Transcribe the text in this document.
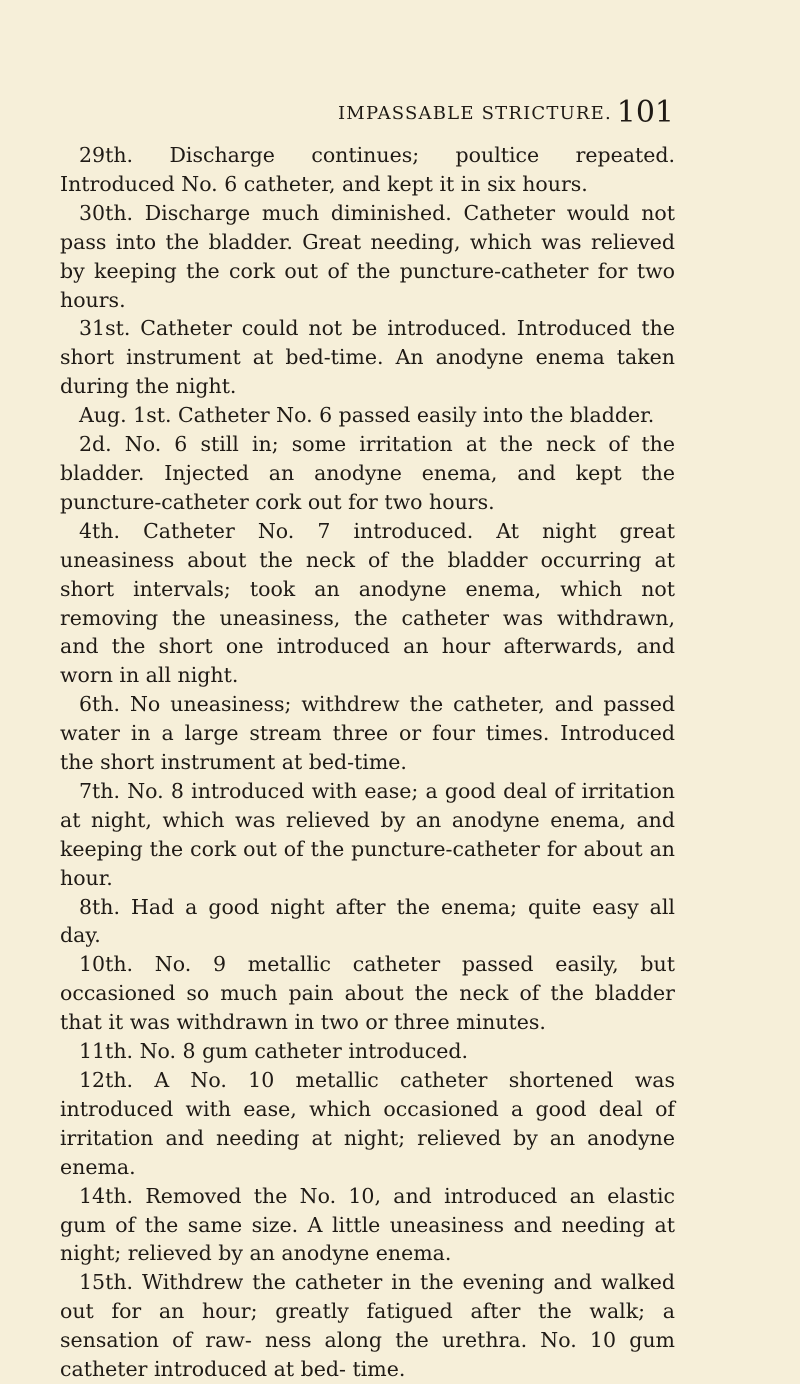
IMPASSABLE STRICTURE. 101

29th. Discharge continues; poultice repeated. Introduced No. 6 catheter, and kept it in six hours.

30th. Discharge much diminished. Catheter would not pass into the bladder. Great needing, which was relieved by keeping the cork out of the puncture-catheter for two hours.

31st. Catheter could not be introduced. Introduced the short instrument at bed-time. An anodyne enema taken during the night.

Aug. 1st. Catheter No. 6 passed easily into the bladder.

2d. No. 6 still in; some irritation at the neck of the bladder. Injected an anodyne enema, and kept the puncture-catheter cork out for two hours.

4th. Catheter No. 7 introduced. At night great uneasiness about the neck of the bladder occurring at short intervals; took an anodyne enema, which not removing the uneasiness, the catheter was withdrawn, and the short one introduced an hour afterwards, and worn in all night.

6th. No uneasiness; withdrew the catheter, and passed water in a large stream three or four times. Introduced the short instrument at bed-time.

7th. No. 8 introduced with ease; a good deal of irritation at night, which was relieved by an anodyne enema, and keeping the cork out of the puncture-catheter for about an hour.

8th. Had a good night after the enema; quite easy all day.

10th. No. 9 metallic catheter passed easily, but occasioned so much pain about the neck of the bladder that it was withdrawn in two or three minutes.

11th. No. 8 gum catheter introduced.

12th. A No. 10 metallic catheter shortened was introduced with ease, which occasioned a good deal of irritation and needing at night; relieved by an anodyne enema.

14th. Removed the No. 10, and introduced an elastic gum of the same size. A little uneasiness and needing at night; relieved by an anodyne enema.

15th. Withdrew the catheter in the evening and walked out for an hour; greatly fatigued after the walk; a sensation of raw- ness along the urethra. No. 10 gum catheter introduced at bed- time.
